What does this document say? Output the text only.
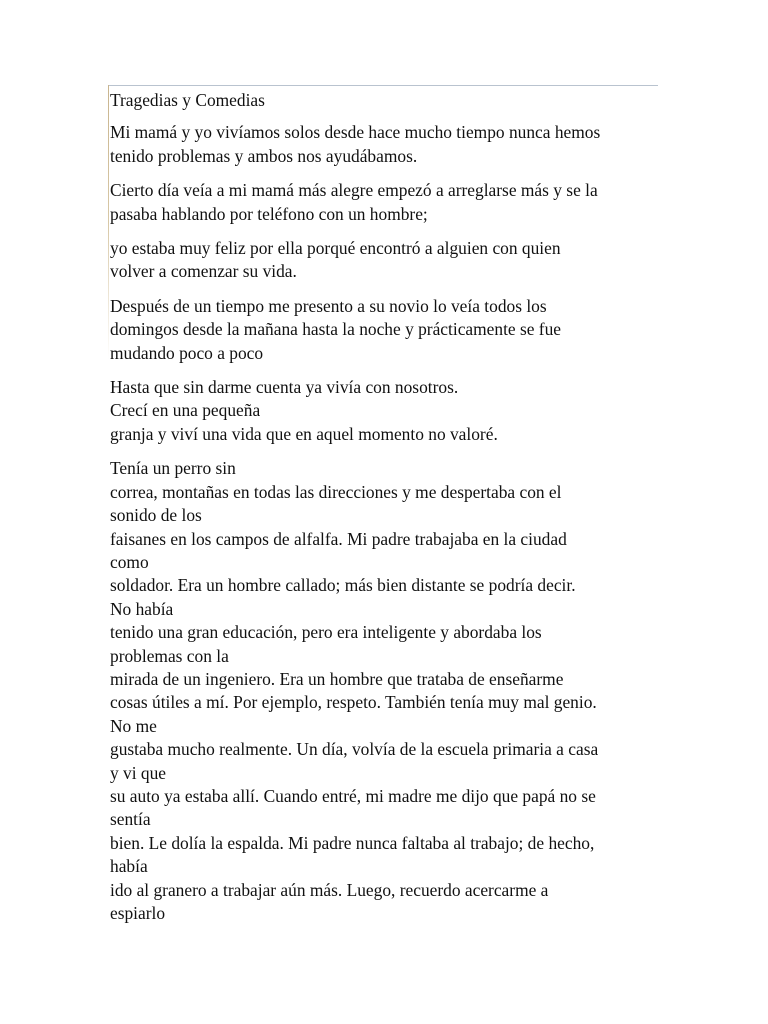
Tragedias y Comedias

Mi mamá y yo vivíamos solos desde hace mucho tiempo nunca hemos
tenido problemas y ambos nos ayudábamos.

Cierto día veía a mi mamá más alegre empezó a arreglarse más y se la
pasaba hablando por teléfono con un hombre;

yo estaba muy feliz por ella porqué encontró a alguien con quien
volver a comenzar su vida.

Después de un tiempo me presento a su novio lo veía todos los
domingos desde la mañana hasta la noche y prácticamente se fue
mudando poco a poco

Hasta que sin darme cuenta ya vivía con nosotros.
Crecí en una pequeña
granja y viví una vida que en aquel momento no valoré.

Tenía un perro sin
correa, montañas en todas las direcciones y me despertaba con el
sonido de los
faisanes en los campos de alfalfa. Mi padre trabajaba en la ciudad
como
soldador. Era un hombre callado; más bien distante se podría decir.
No había
tenido una gran educación, pero era inteligente y abordaba los
problemas con la
mirada de un ingeniero. Era un hombre que trataba de enseñarme
cosas útiles a mí. Por ejemplo, respeto. También tenía muy mal genio.
No me
gustaba mucho realmente. Un día, volvía de la escuela primaria a casa
y vi que
su auto ya estaba allí. Cuando entré, mi madre me dijo que papá no se
sentía
bien. Le dolía la espalda. Mi padre nunca faltaba al trabajo; de hecho,
había
ido al granero a trabajar aún más. Luego, recuerdo acercarme a
espiarlo
